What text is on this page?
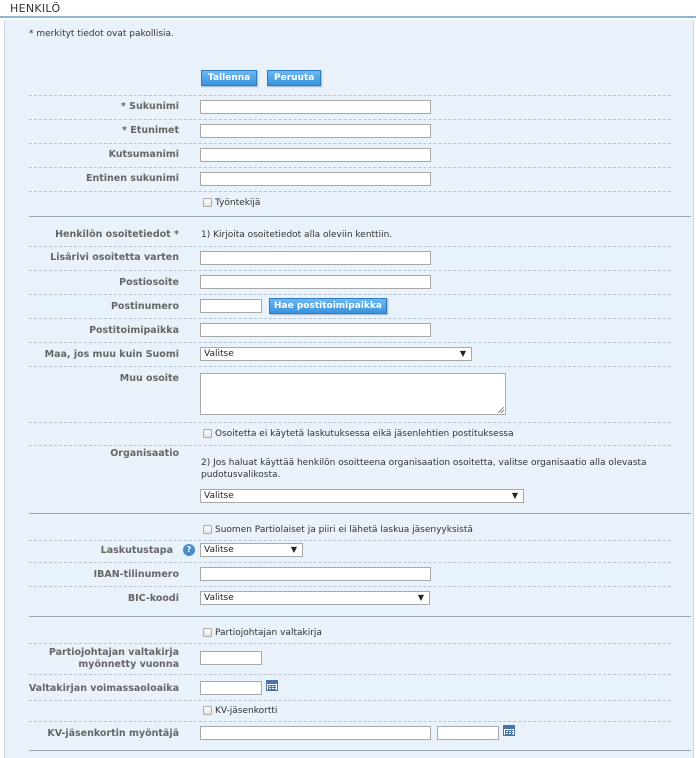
HENKILÖ
* merkityt tiedot ovat pakollisia.
Tallenna	Peruuta
* Sukunimi
* Etunimet
Kutsumanimi
Entinen sukunimi
Työntekijä
Henkilön osoitetiedot * 1) Kirjoita osoitetiedot alla oleviin kenttiin.
Lisärivi osoitetta varten
Postiosoite
Postinumero	Hae postitoimipaikka
Postitoimipaikka
Maa, jos muu kuin Suomi	Valitse	▼
Muu osoite
Osoitetta ei käytetä laskutuksessa eikä jäsenlehtien postituksessa
Organisaatio
2) Jos haluat käyttää henkilön osoitteena organisaation osoitetta, valitse organisaatio alla olevasta pudotusvalikosta.
Valitse	▼
Suomen Partiolaiset ja piiri ei lähetä laskua jäsenyyksistä
Laskutustapa	?	Valitse	▼
IBAN-tilinumero
BIC-koodi	Valitse	▼
Partiojohtajan valtakirja
Partiojohtajan valtakirja myönnetty vuonna
Valtakirjan voimassaoloaika
KV-jäsenkortti
KV-jäsenkortin myöntäjä
